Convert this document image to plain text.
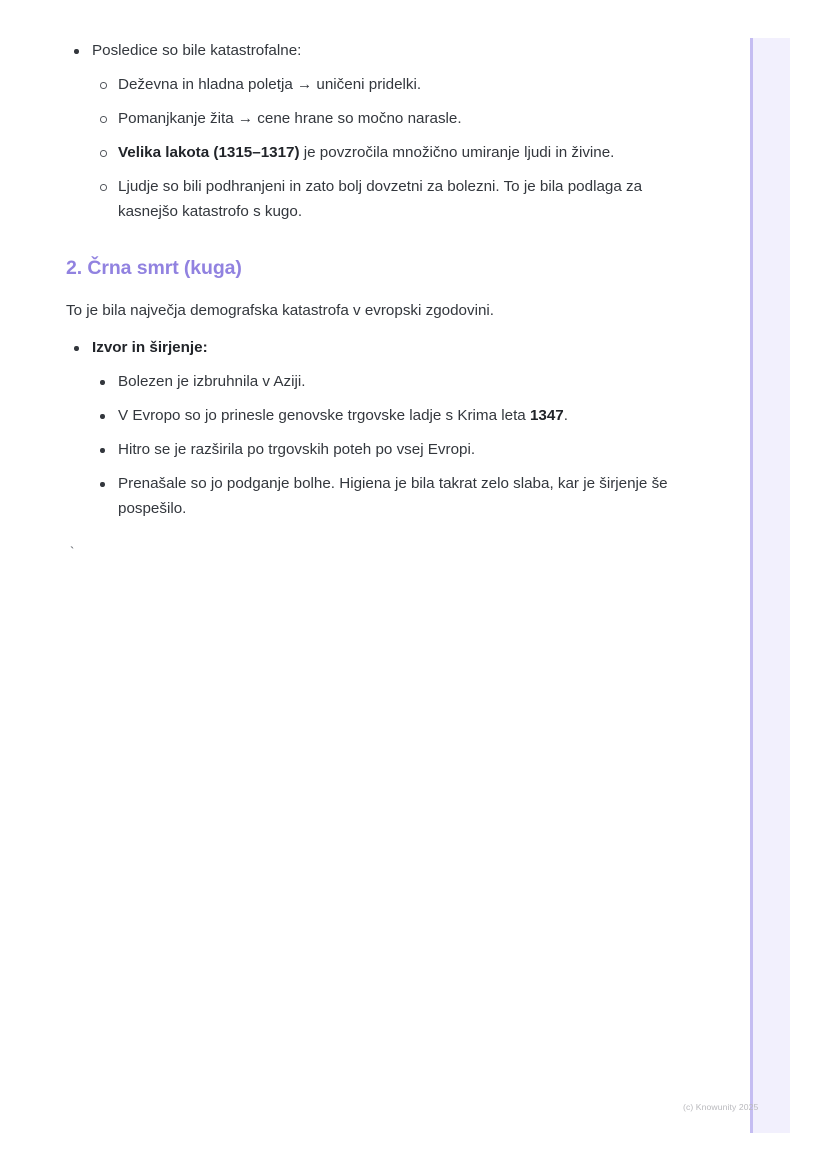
Posledice so bile katastrofalne:
Deževna in hladna poletja → uničeni pridelki.
Pomanjkanje žita → cene hrane so močno narasle.
Velika lakota (1315–1317) je povzročila množično umiranje ljudi in živine.
Ljudje so bili podhranjeni in zato bolj dovzetni za bolezni. To je bila podlaga za kasnejšo katastrofo s kugo.
2. Črna smrt (kuga)

To je bila največja demografska katastrofa v evropski zgodovini.

Izvor in širjenje:
Bolezen je izbruhnila v Aziji.
V Evropo so jo prinesle genovske trgovske ladje s Krima leta 1347.
Hitro se je razširila po trgovskih poteh po vsej Evropi.
Prenašale so jo podganje bolhe. Higiena je bila takrat zelo slaba, kar je širjenje še pospešilo.

`

(c) Knowunity 2025
